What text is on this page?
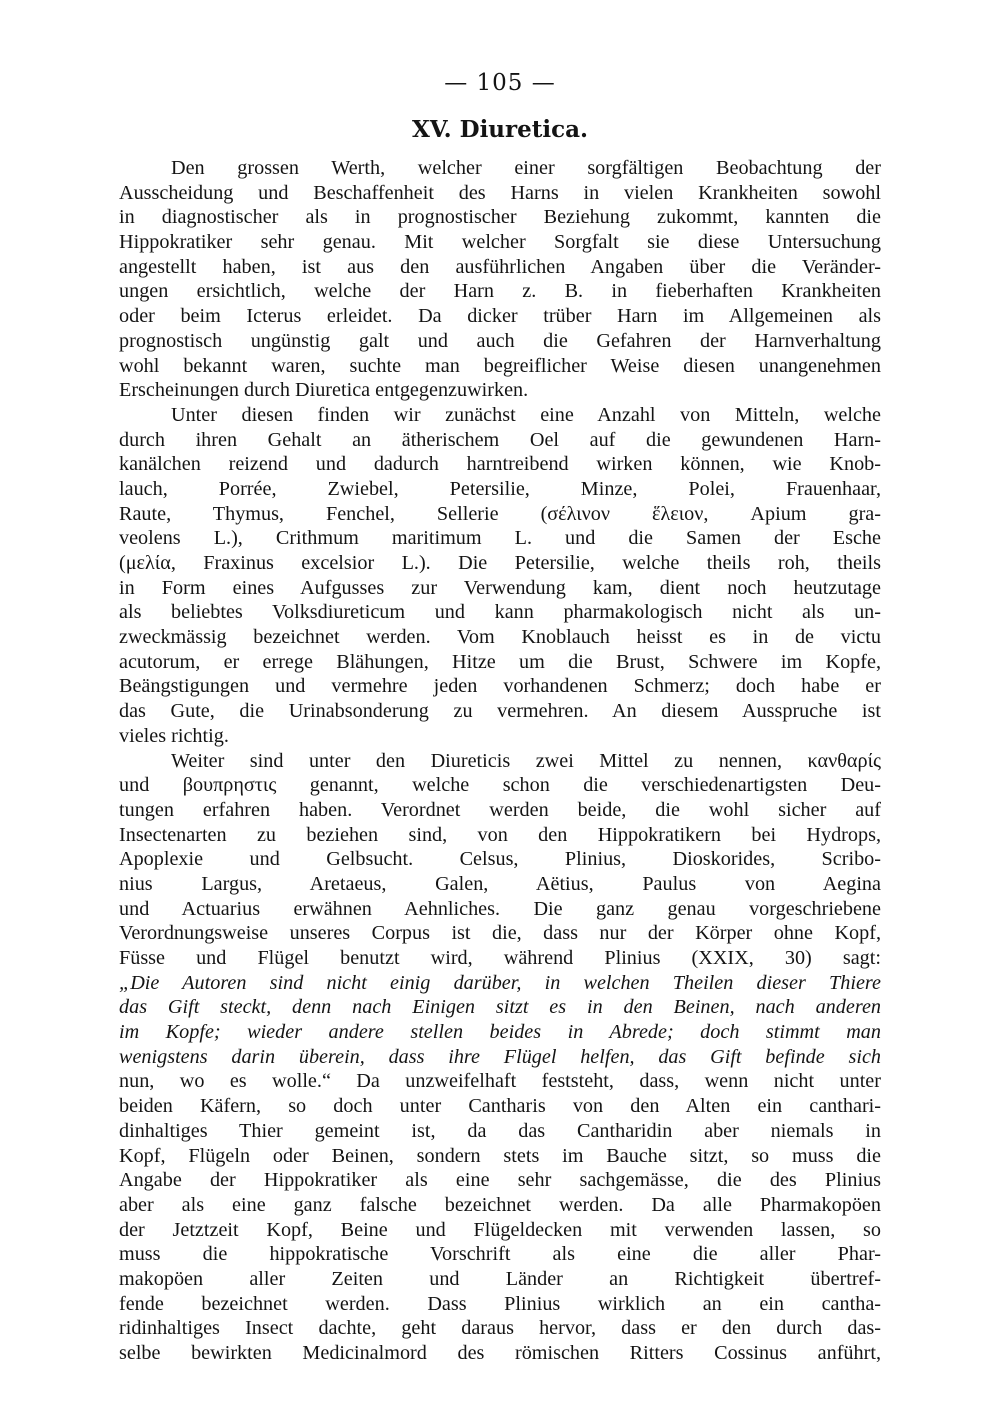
— 105 —
XV. Diuretica.
Den grossen Werth, welcher einer sorgfältigen Beobachtung der
Ausscheidung und Beschaffenheit des Harns in vielen Krankheiten sowohl
in diagnostischer als in prognostischer Beziehung zukommt, kannten die
Hippokratiker sehr genau. Mit welcher Sorgfalt sie diese Untersuchung
angestellt haben, ist aus den ausführlichen Angaben über die Veränder-
ungen ersichtlich, welche der Harn z. B. in fieberhaften Krankheiten
oder beim Icterus erleidet. Da dicker trüber Harn im Allgemeinen als
prognostisch ungünstig galt und auch die Gefahren der Harnverhaltung
wohl bekannt waren, suchte man begreiflicher Weise diesen unangenehmen
Erscheinungen durch Diuretica entgegenzuwirken.
Unter diesen finden wir zunächst eine Anzahl von Mitteln, welche
durch ihren Gehalt an ätherischem Oel auf die gewundenen Harn-
kanälchen reizend und dadurch harntreibend wirken können, wie Knob-
lauch, Porrée, Zwiebel, Petersilie, Minze, Polei, Frauenhaar,
Raute, Thymus, Fenchel, Sellerie (σέλινον ἕλειον, Apium gra-
veolens L.), Crithmum maritimum L. und die Samen der Esche
(μελία, Fraxinus excelsior L.). Die Petersilie, welche theils roh, theils
in Form eines Aufgusses zur Verwendung kam, dient noch heutzutage
als beliebtes Volksdiureticum und kann pharmakologisch nicht als un-
zweckmässig bezeichnet werden. Vom Knoblauch heisst es in de victu
acutorum, er errege Blähungen, Hitze um die Brust, Schwere im Kopfe,
Beängstigungen und vermehre jeden vorhandenen Schmerz; doch habe er
das Gute, die Urinabsonderung zu vermehren. An diesem Ausspruche ist
vieles richtig.
Weiter sind unter den Diureticis zwei Mittel zu nennen, κανθαρίς
und βουπρηστις genannt, welche schon die verschiedenartigsten Deu-
tungen erfahren haben. Verordnet werden beide, die wohl sicher auf
Insectenarten zu beziehen sind, von den Hippokratikern bei Hydrops,
Apoplexie und Gelbsucht. Celsus, Plinius, Dioskorides, Scribo-
nius Largus, Aretaeus, Galen, Aëtius, Paulus von Aegina
und Actuarius erwähnen Aehnliches. Die ganz genau vorgeschriebene
Verordnungsweise unseres Corpus ist die, dass nur der Körper ohne Kopf,
Füsse und Flügel benutzt wird, während Plinius (XXIX, 30) sagt:
„Die Autoren sind nicht einig darüber, in welchen Theilen dieser Thiere
das Gift steckt, denn nach Einigen sitzt es in den Beinen, nach anderen
im Kopfe; wieder andere stellen beides in Abrede; doch stimmt man
wenigstens darin überein, dass ihre Flügel helfen, das Gift befinde sich
nun, wo es wolle.“ Da unzweifelhaft feststeht, dass, wenn nicht unter
beiden Käfern, so doch unter Cantharis von den Alten ein canthari-
dinhaltiges Thier gemeint ist, da das Cantharidin aber niemals in
Kopf, Flügeln oder Beinen, sondern stets im Bauche sitzt, so muss die
Angabe der Hippokratiker als eine sehr sachgemässe, die des Plinius
aber als eine ganz falsche bezeichnet werden. Da alle Pharmakopöen
der Jetztzeit Kopf, Beine und Flügeldecken mit verwenden lassen, so
muss die hippokratische Vorschrift als eine die aller Phar-
makopöen aller Zeiten und Länder an Richtigkeit übertref-
fende bezeichnet werden. Dass Plinius wirklich an ein cantha-
ridinhaltiges Insect dachte, geht daraus hervor, dass er den durch das-
selbe bewirkten Medicinalmord des römischen Ritters Cossinus anführt,
